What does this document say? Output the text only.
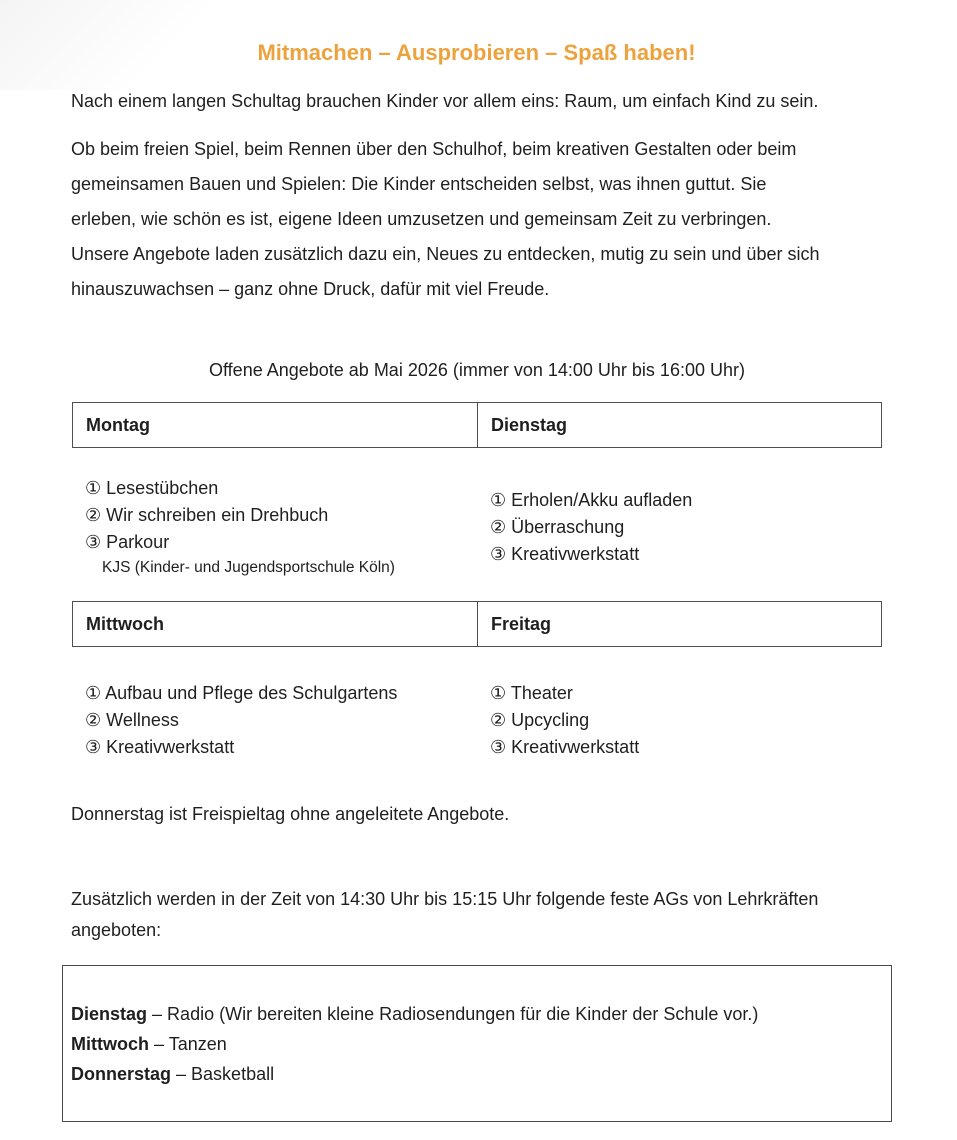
Mitmachen – Ausprobieren – Spaß haben!
Nach einem langen Schultag brauchen Kinder vor allem eins: Raum, um einfach Kind zu sein.
Ob beim freien Spiel, beim Rennen über den Schulhof, beim kreativen Gestalten oder beim
gemeinsamen Bauen und Spielen: Die Kinder entscheiden selbst, was ihnen guttut. Sie
erleben, wie schön es ist, eigene Ideen umzusetzen und gemeinsam Zeit zu verbringen.
Unsere Angebote laden zusätzlich dazu ein, Neues zu entdecken, mutig zu sein und über sich
hinauszuwachsen – ganz ohne Druck, dafür mit viel Freude.
Offene Angebote ab Mai 2026 (immer von 14:00 Uhr bis 16:00 Uhr)
Montag	Dienstag
① Lesestübchen
② Wir schreiben ein Drehbuch
③ Parkour
KJS (Kinder- und Jugendsportschule Köln)
① Erholen/Akku aufladen
② Überraschung
③ Kreativwerkstatt
Mittwoch	Freitag
① Aufbau und Pflege des Schulgartens
② Wellness
③ Kreativwerkstatt
① Theater
② Upcycling
③ Kreativwerkstatt
Donnerstag ist Freispieltag ohne angeleitete Angebote.
Zusätzlich werden in der Zeit von 14:30 Uhr bis 15:15 Uhr folgende feste AGs von Lehrkräften
angeboten:
Dienstag – Radio (Wir bereiten kleine Radiosendungen für die Kinder der Schule vor.)
Mittwoch – Tanzen
Donnerstag – Basketball
